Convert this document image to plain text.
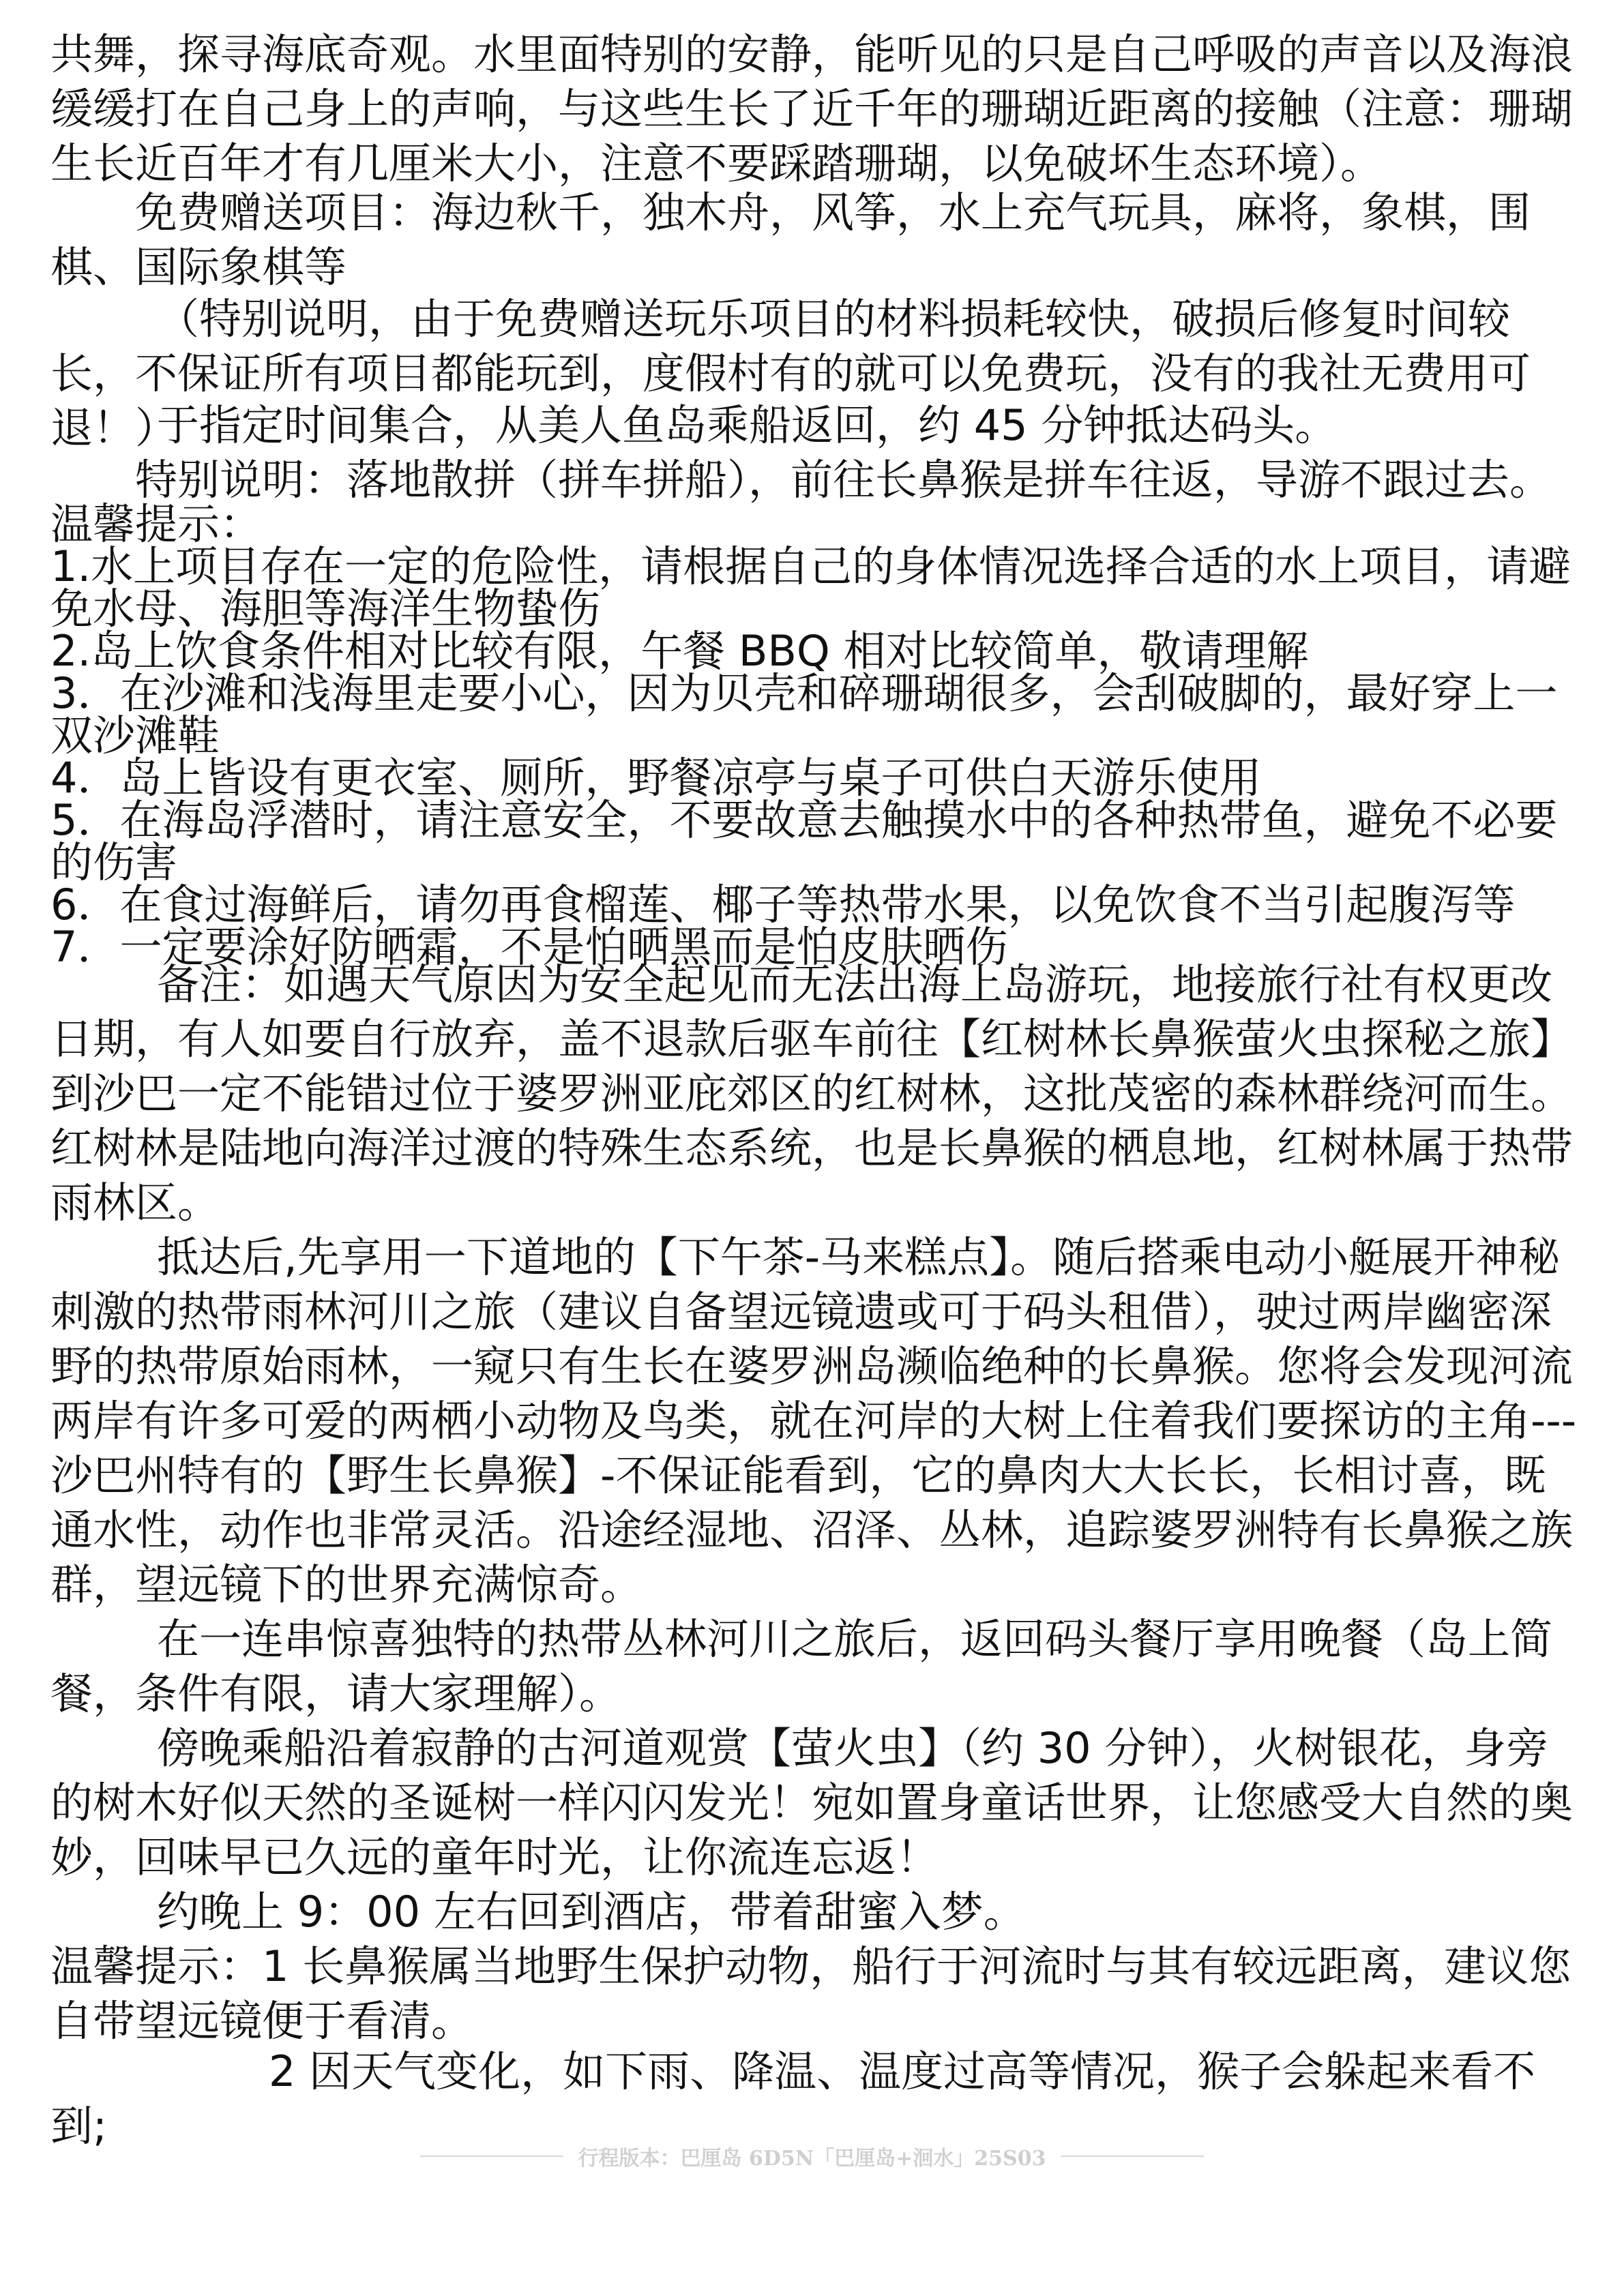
共舞，探寻海底奇观。水里面特别的安静，能听见的只是自己呼吸的声音以及海浪缓缓打在自己身上的声响，与这些生长了近千年的珊瑚近距离的接触（注意：珊瑚生长近百年才有几厘米大小，注意不要踩踏珊瑚，以免破坏生态环境）。

免费赠送项目：海边秋千，独木舟，风筝，水上充气玩具，麻将，象棋，围棋、国际象棋等

（特别说明，由于免费赠送玩乐项目的材料损耗较快，破损后修复时间较长，不保证所有项目都能玩到，度假村有的就可以免费玩，没有的我社无费用可退！）

于指定时间集合，从美人鱼岛乘船返回，约 45 分钟抵达码头。

特别说明：落地散拼（拼车拼船），前往长鼻猴是拼车往返，导游不跟过去。

温馨提示：
1.水上项目存在一定的危险性，请根据自己的身体情况选择合适的水上项目，请避免水母、海胆等海洋生物蛰伤
2.岛上饮食条件相对比较有限，午餐 BBQ 相对比较简单，敬请理解
3．在沙滩和浅海里走要小心，因为贝壳和碎珊瑚很多，会刮破脚的，最好穿上一双沙滩鞋
4．岛上皆设有更衣室、厕所，野餐凉亭与桌子可供白天游乐使用
5．在海岛浮潜时，请注意安全，不要故意去触摸水中的各种热带鱼，避免不必要的伤害
6．在食过海鲜后，请勿再食榴莲、椰子等热带水果，以免饮食不当引起腹泻等
7．一定要涂好防晒霜，不是怕晒黑而是怕皮肤晒伤

备注：如遇天气原因为安全起见而无法出海上岛游玩，地接旅行社有权更改日期，有人如要自行放弃，盖不退款后驱车前往【红树林长鼻猴萤火虫探秘之旅】到沙巴一定不能错过位于婆罗洲亚庇郊区的红树林，这批茂密的森林群绕河而生。红树林是陆地向海洋过渡的特殊生态系统，也是长鼻猴的栖息地，红树林属于热带雨林区。

抵达后,先享用一下道地的【下午茶-马来糕点】。随后搭乘电动小艇展开神秘刺激的热带雨林河川之旅（建议自备望远镜遗或可于码头租借），驶过两岸幽密深野的热带原始雨林，一窥只有生长在婆罗洲岛濒临绝种的长鼻猴。您将会发现河流两岸有许多可爱的两栖小动物及鸟类，就在河岸的大树上住着我们要探访的主角---沙巴州特有的【野生长鼻猴】-不保证能看到，它的鼻肉大大长长，长相讨喜，既通水性，动作也非常灵活。沿途经湿地、沼泽、丛林，追踪婆罗洲特有长鼻猴之族群，望远镜下的世界充满惊奇。

在一连串惊喜独特的热带丛林河川之旅后，返回码头餐厅享用晚餐（岛上简餐，条件有限，请大家理解）。

傍晚乘船沿着寂静的古河道观赏【萤火虫】（约 30 分钟），火树银花，身旁的树木好似天然的圣诞树一样闪闪发光！宛如置身童话世界，让您感受大自然的奥妙，回味早已久远的童年时光，让你流连忘返！

约晚上 9：00 左右回到酒店，带着甜蜜入梦。

温馨提示：1 长鼻猴属当地野生保护动物，船行于河流时与其有较远距离，建议您自带望远镜便于看清。

2 因天气变化，如下雨、降温、温度过高等情况，猴子会躲起来看不到;

行程版本：巴厘岛 6D5N「巴厘岛+洄水」25S03
